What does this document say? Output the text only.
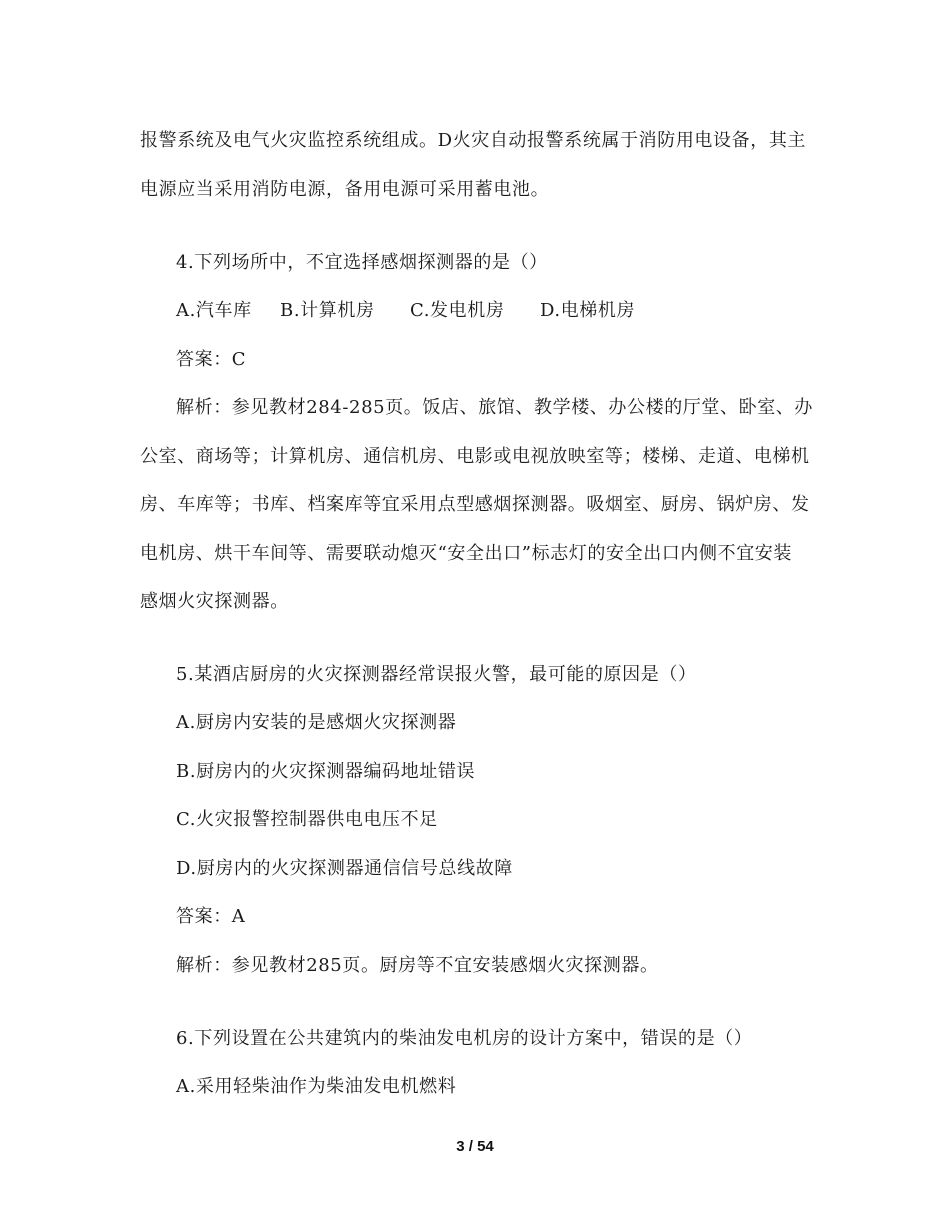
报警系统及电气火灾监控系统组成。D火灾自动报警系统属于消防用电设备，其主
电源应当采用消防电源，备用电源可采用蓄电池。
4.下列场所中，不宜选择感烟探测器的是（）
A.汽车库 B.计算机房 C.发电机房 D.电梯机房
答案：C
解析：参见教材284-285页。饭店、旅馆、教学楼、办公楼的厅堂、卧室、办
公室、商场等；计算机房、通信机房、电影或电视放映室等；楼梯、走道、电梯机
房、车库等；书库、档案库等宜采用点型感烟探测器。吸烟室、厨房、锅炉房、发
电机房、烘干车间等、需要联动熄灭“安全出口”标志灯的安全出口内侧不宜安装
感烟火灾探测器。
5.某酒店厨房的火灾探测器经常误报火警，最可能的原因是（）
A.厨房内安装的是感烟火灾探测器
B.厨房内的火灾探测器编码地址错误
C.火灾报警控制器供电电压不足
D.厨房内的火灾探测器通信信号总线故障
答案：A
解析：参见教材285页。厨房等不宜安装感烟火灾探测器。
6.下列设置在公共建筑内的柴油发电机房的设计方案中，错误的是（）
A.采用轻柴油作为柴油发电机燃料
3 / 54
